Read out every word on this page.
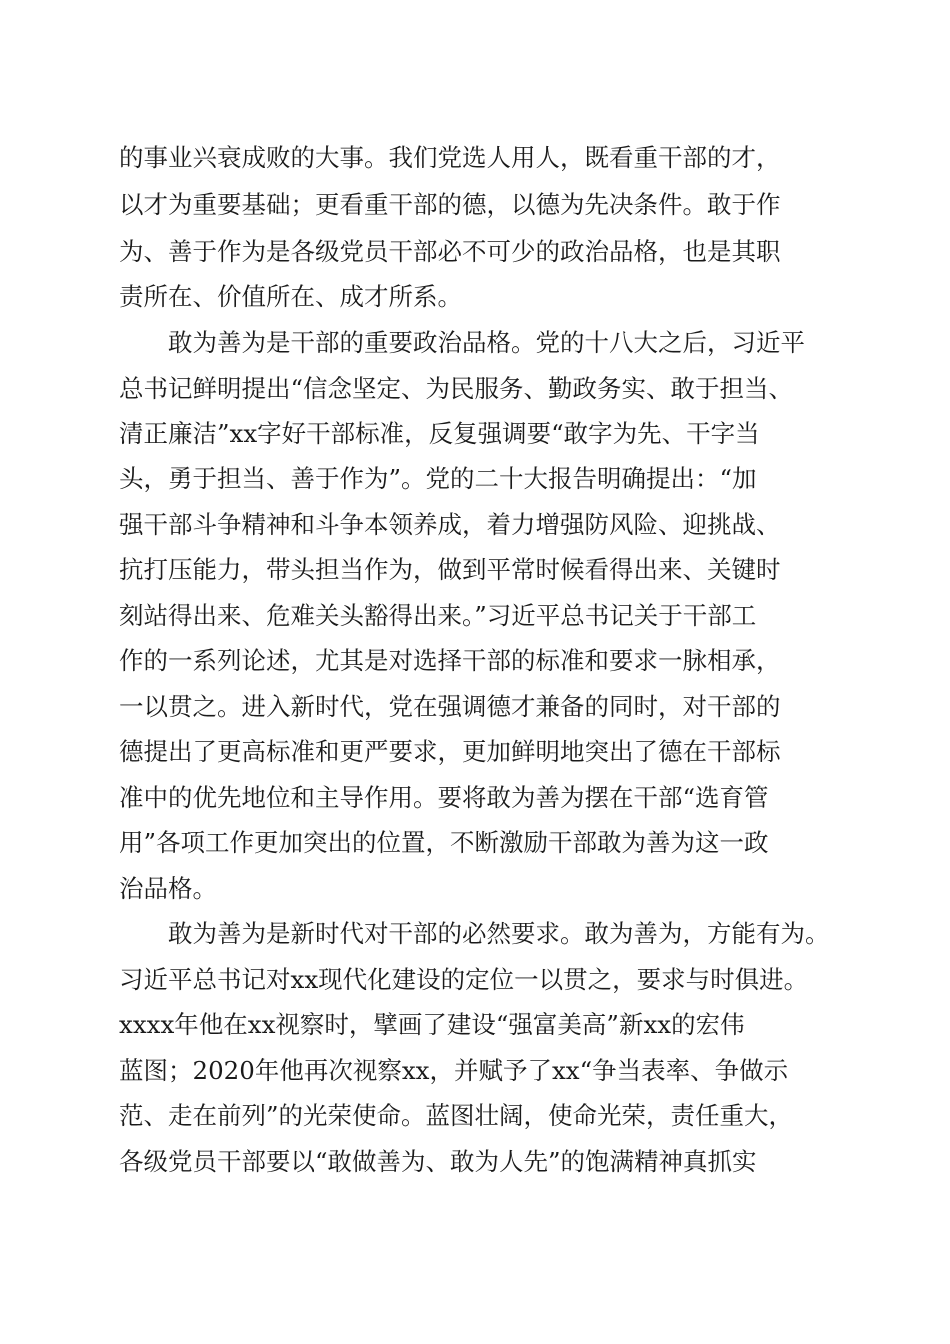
的事业兴衰成败的大事。我们党选人用人，既看重干部的才，
以才为重要基础；更看重干部的德，以德为先决条件。敢于作
为、善于作为是各级党员干部必不可少的政治品格，也是其职
责所在、价值所在、成才所系。
敢为善为是干部的重要政治品格。党的十八大之后，习近平
总书记鲜明提出“信念坚定、为民服务、勤政务实、敢于担当、
清正廉洁”xx字好干部标准，反复强调要“敢字为先、干字当
头，勇于担当、善于作为”。党的二十大报告明确提出：“加
强干部斗争精神和斗争本领养成，着力增强防风险、迎挑战、
抗打压能力，带头担当作为，做到平常时候看得出来、关键时
刻站得出来、危难关头豁得出来。”习近平总书记关于干部工
作的一系列论述，尤其是对选择干部的标准和要求一脉相承，
一以贯之。进入新时代，党在强调德才兼备的同时，对干部的
德提出了更高标准和更严要求，更加鲜明地突出了德在干部标
准中的优先地位和主导作用。要将敢为善为摆在干部“选育管
用”各项工作更加突出的位置，不断激励干部敢为善为这一政
治品格。
敢为善为是新时代对干部的必然要求。敢为善为，方能有为。
习近平总书记对xx现代化建设的定位一以贯之，要求与时俱进。
xxxx年他在xx视察时，擘画了建设“强富美高”新xx的宏伟
蓝图；2020年他再次视察xx，并赋予了xx“争当表率、争做示
范、走在前列”的光荣使命。蓝图壮阔，使命光荣，责任重大，
各级党员干部要以“敢做善为、敢为人先”的饱满精神真抓实
